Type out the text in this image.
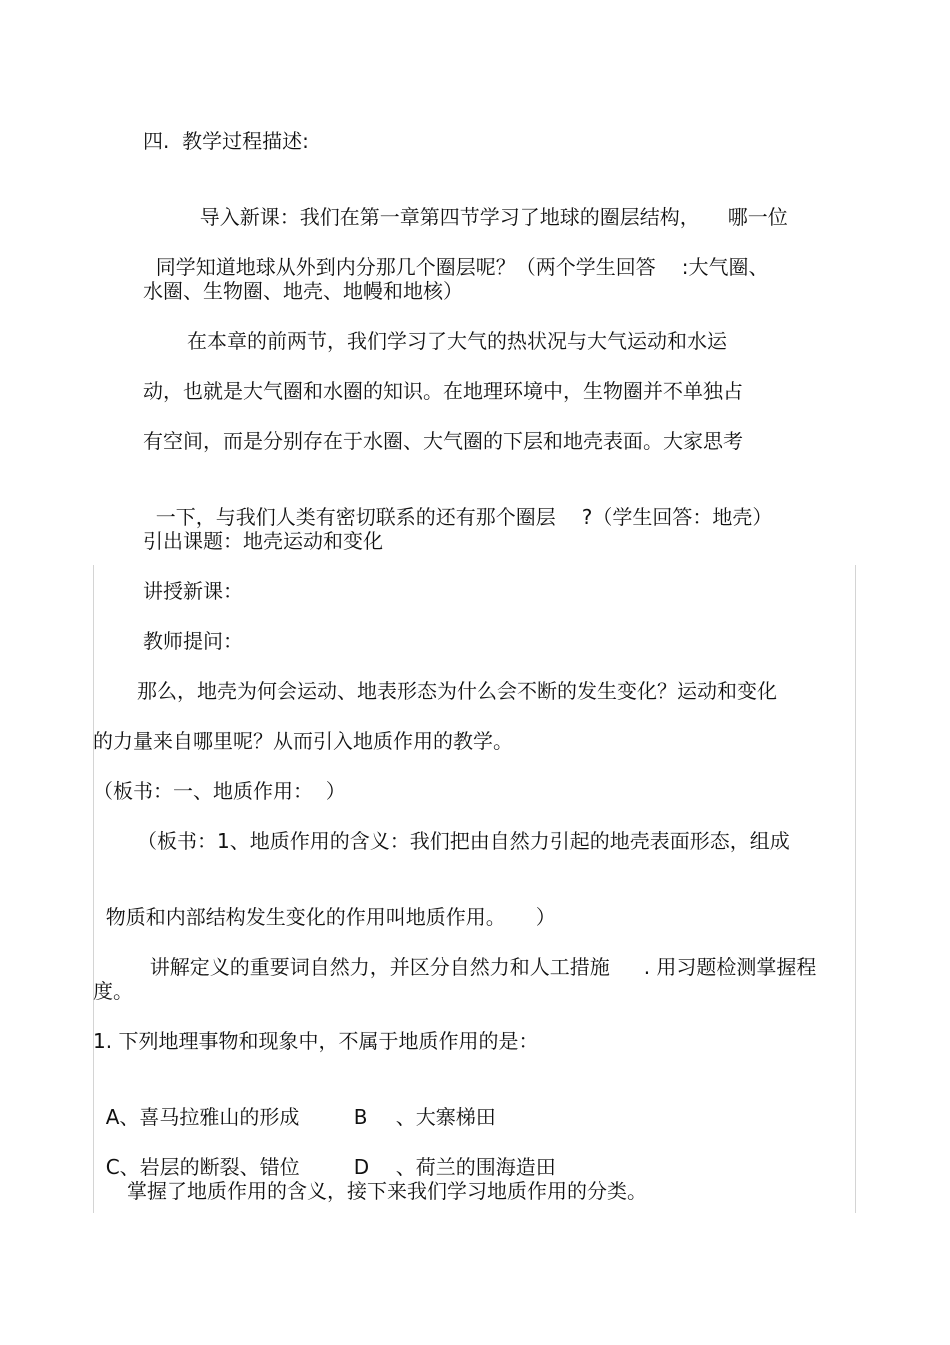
四.  教学过程描述:

导入新课：我们在第一章第四节学习了地球的圈层结构， 哪一位

同学知道地球从外到内分那几个圈层呢？（两个学生回答 :大气圈、

水圈、生物圈、地壳、地幔和地核）
在本章的前两节，我们学习了大气的热状况与大气运动和水运
动，也就是大气圈和水圈的知识。在地理环境中，生物圈并不单独占
有空间，而是分别存在于水圈、大气圈的下层和地壳表面。大家思考

一下，与我们人类有密切联系的还有那个圈层 ?（学生回答：地壳）

引出课题：地壳运动和变化
讲授新课：
教师提问：
那么，地壳为何会运动、地表形态为什么会不断的发生变化？运动和变化
的力量来自哪里呢？从而引入地质作用的教学。
（板书：一、地质作用：  ）
（板书：1、地质作用的含义：我们把由自然力引起的地壳表面形态，组成

物质和内部结构发生变化的作用叫地质作用。 ）

讲解定义的重要词自然力，并区分自然力和人工措施 . 用习题检测掌握程

度。
1. 下列地理事物和现象中，不属于地质作用的是：

A、喜马拉雅山的形成	B 、大寨梯田

C、岩层的断裂、错位	D 、荷兰的围海造田

掌握了地质作用的含义，接下来我们学习地质作用的分类。
